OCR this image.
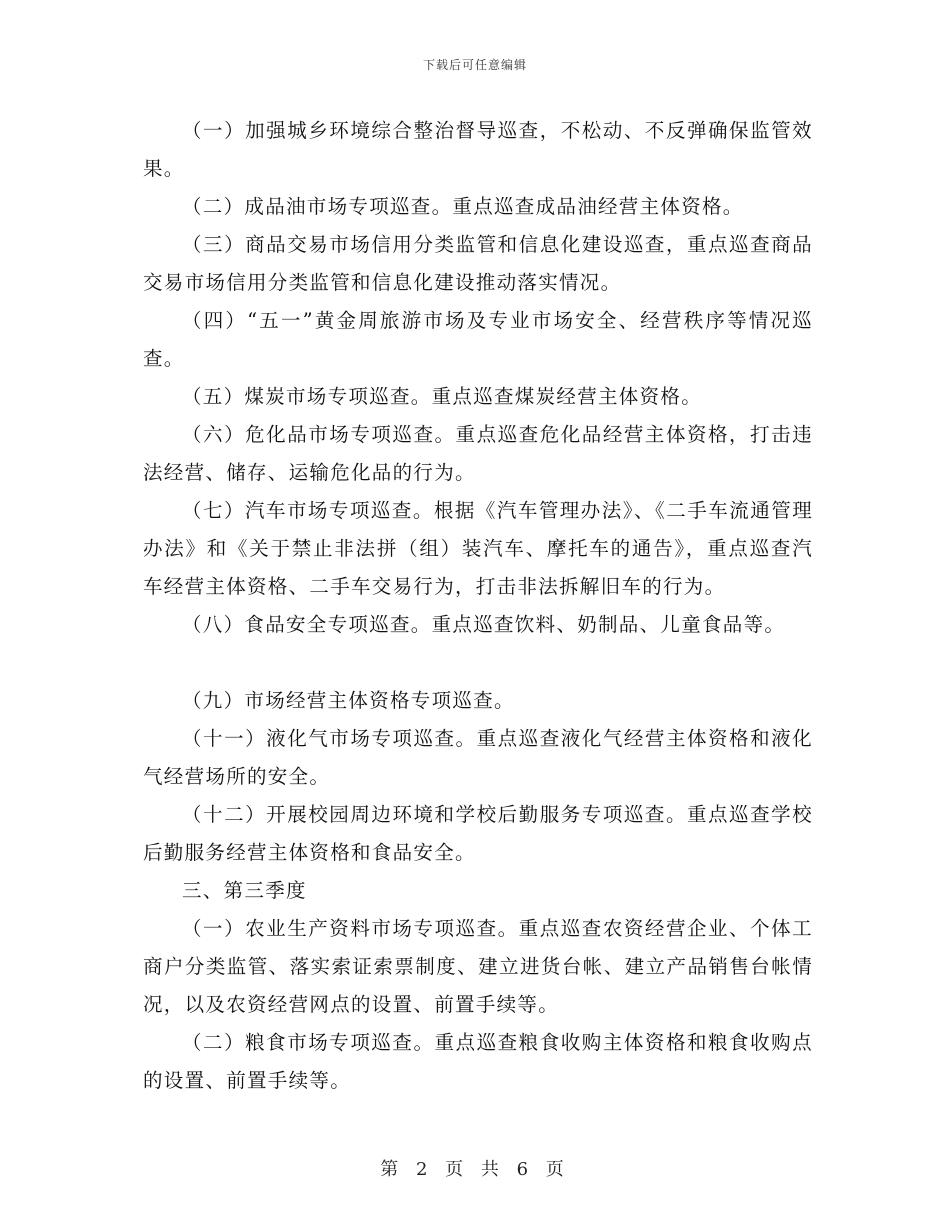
下载后可任意编辑

（一）加强城乡环境综合整治督导巡查，不松动、不反弹确保监管效果。

（二）成品油市场专项巡查。重点巡查成品油经营主体资格。

（三）商品交易市场信用分类监管和信息化建设巡查，重点巡查商品交易市场信用分类监管和信息化建设推动落实情况。

（四）“五一”黄金周旅游市场及专业市场安全、经营秩序等情况巡查。

（五）煤炭市场专项巡查。重点巡查煤炭经营主体资格。

（六）危化品市场专项巡查。重点巡查危化品经营主体资格，打击违法经营、储存、运输危化品的行为。

（七）汽车市场专项巡查。根据《汽车管理办法》、《二手车流通管理办法》和《关于禁止非法拼（组）装汽车、摩托车的通告》，重点巡查汽车经营主体资格、二手车交易行为，打击非法拆解旧车的行为。

（八）食品安全专项巡查。重点巡查饮料、奶制品、儿童食品等。

（九）市场经营主体资格专项巡查。

（十一）液化气市场专项巡查。重点巡查液化气经营主体资格和液化气经营场所的安全。

（十二）开展校园周边环境和学校后勤服务专项巡查。重点巡查学校后勤服务经营主体资格和食品安全。

三、第三季度

（一）农业生产资料市场专项巡查。重点巡查农资经营企业、个体工商户分类监管、落实索证索票制度、建立进货台帐、建立产品销售台帐情况，以及农资经营网点的设置、前置手续等。

（二）粮食市场专项巡查。重点巡查粮食收购主体资格和粮食收购点的设置、前置手续等。

第 2 页 共 6 页
